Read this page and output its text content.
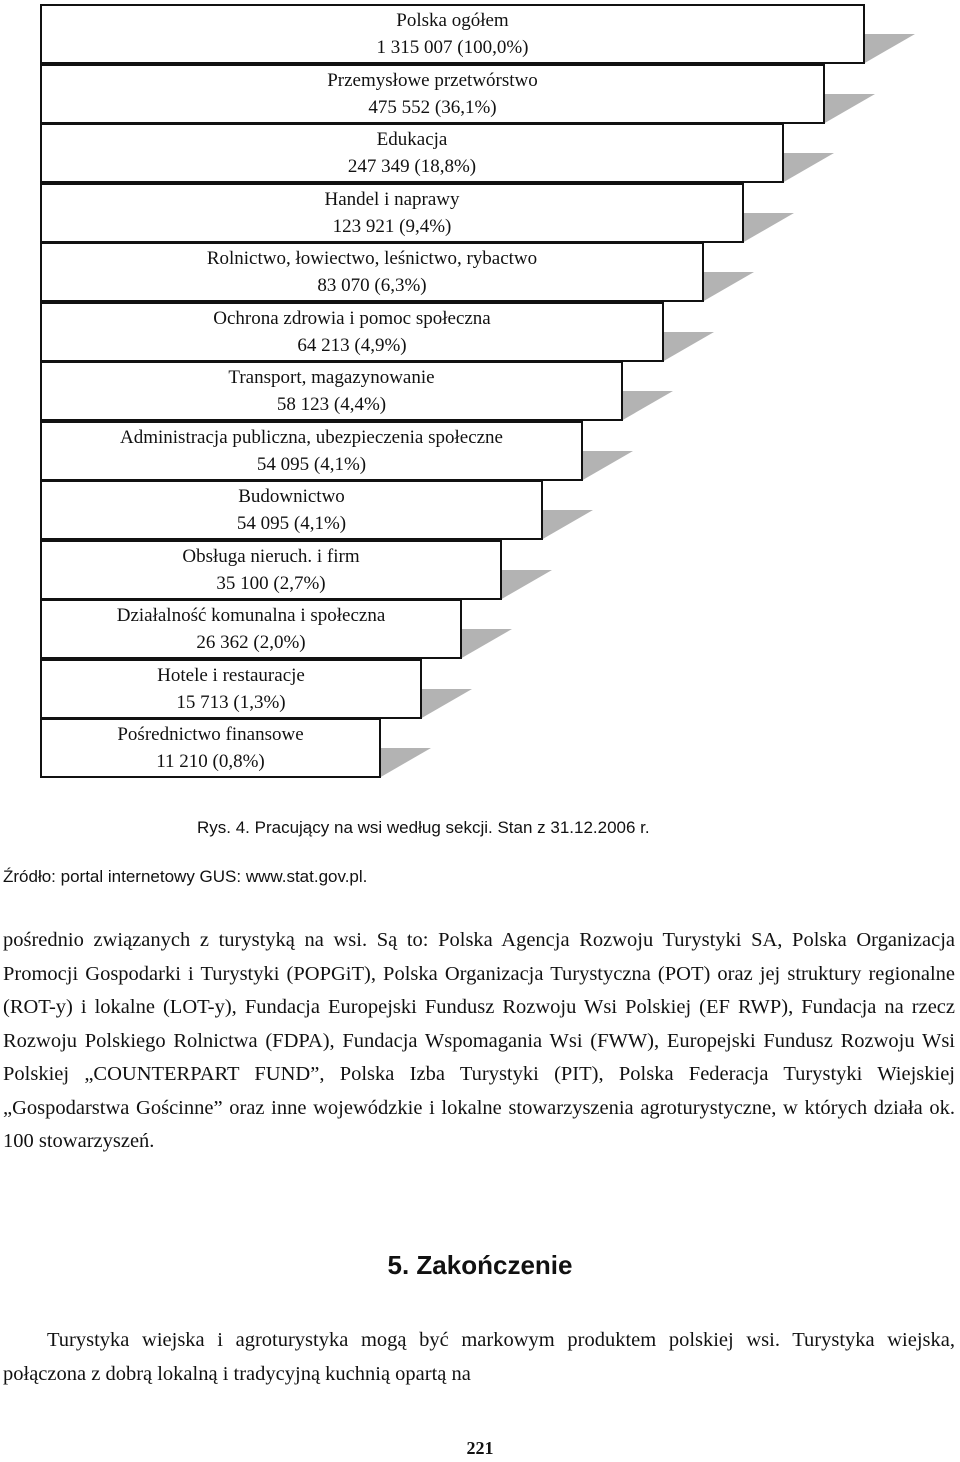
Polska ogółem
1 315 007 (100,0%)
Przemysłowe przetwórstwo
475 552 (36,1%)
Edukacja
247 349 (18,8%)
Handel i naprawy
123 921 (9,4%)
Rolnictwo, łowiectwo, leśnictwo, rybactwo
83 070 (6,3%)
Ochrona zdrowia i pomoc społeczna
64 213 (4,9%)
Transport, magazynowanie
58 123 (4,4%)
Administracja publiczna, ubezpieczenia społeczne
54 095 (4,1%)
Budownictwo
54 095 (4,1%)
Obsługa nieruch. i firm
35 100 (2,7%)
Działalność komunalna i społeczna
26 362 (2,0%)
Hotele i restauracje
15 713 (1,3%)
Pośrednictwo finansowe
11 210 (0,8%)
Rys. 4. Pracujący na wsi według sekcji. Stan z 31.12.2006 r.
Źródło: portal internetowy GUS: www.stat.gov.pl.
pośrednio związanych z turystyką na wsi. Są to: Polska Agencja Rozwoju Turystyki SA, Polska Organizacja Promocji Gospodarki i Turystyki (POPGiT), Polska Organizacja Turystyczna (POT) oraz jej struktury regionalne (ROT-y) i lokalne (LOT-y), Fundacja Europejski Fundusz Rozwoju Wsi Polskiej (EF RWP), Fundacja na rzecz Rozwoju Polskiego Rolnictwa (FDPA), Fundacja Wspomagania Wsi (FWW), Europejski Fundusz Rozwoju Wsi Polskiej „COUNTERPART FUND”, Polska Izba Turystyki (PIT), Polska Federacja Turystyki Wiejskiej „Gospodarstwa Gościnne” oraz inne wojewódzkie i lokalne stowarzyszenia agroturystyczne, w których działa ok. 100 stowarzyszeń.
5. Zakończenie
Turystyka wiejska i agroturystyka mogą być markowym produktem polskiej wsi. Turystyka wiejska, połączona z dobrą lokalną i tradycyjną kuchnią opartą na
221
